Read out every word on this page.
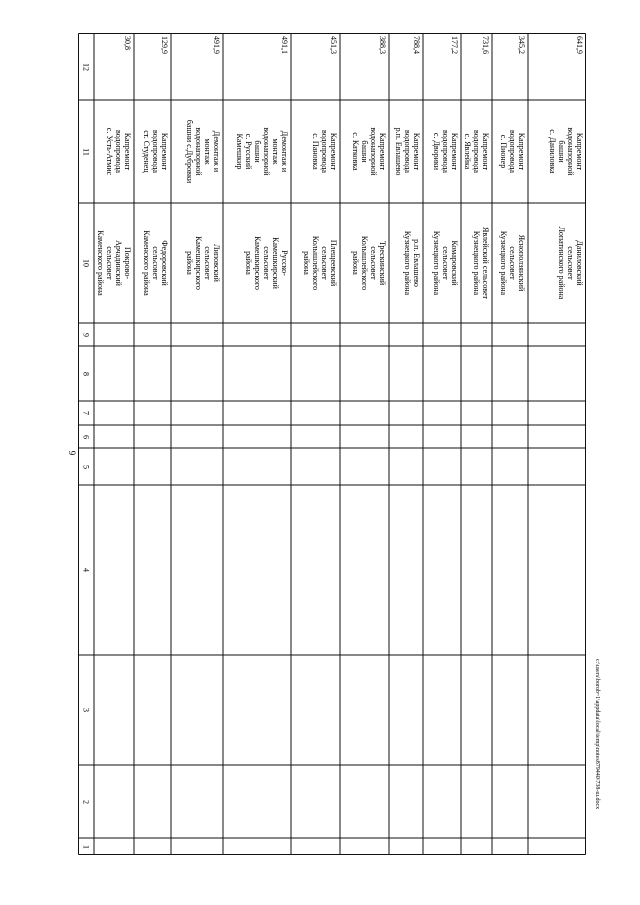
9
c:\users\borob~1\appdata\local\temp\notes879440\738-ш.docx
12
11
10
9
8
7
6
5
4
3
2
1
30,8
Капремонт
водопровода
с. Усть-Атмис
Покрово-
Арчадинский
сельсовет
Каменского района
129,9
Капремонт
водопровода
ст. Студенец
Федоровский
сельсовет
Каменского района
491,9
Демонтаж и
монтаж
водонапорной
башни с.Дубровки
Липовский
сельсовет
Камешкирского
района
491,1
Демонтаж и
монтаж
водонапорной
башни
с. Русский
Камешкир
Русско-
Камешкирский
сельсовет
Камешкирского
района
451,3
Капремонт
водопровода
с. Пановка
Плещеевский
сельсовет
Колышлейского
района
388,3
Капремонт
водонапорной
башни
с. Катковка
Трескинский
сельсовет
Колышлейского
района
788,4
Капремонт
водопровода
р.п. Евлашево
р.п. Евлашево
Кузнецкого района
177,2
Капремонт
водопровода
с. Дворики
Комаровский
сельсовет
Кузнецкого района
731,6
Капремонт
водопровода
с. Явлейка
Явлейский сельсовет
Кузнецкого района
345,2
Капремонт
водопровода
с. Пионер
Ясноползянский
сельсовет
Кузнецкого района
641,9
Капремонт
водонапорной
башни
с. Даниловка
Даниловский
сельсовет
Лопатинского района
